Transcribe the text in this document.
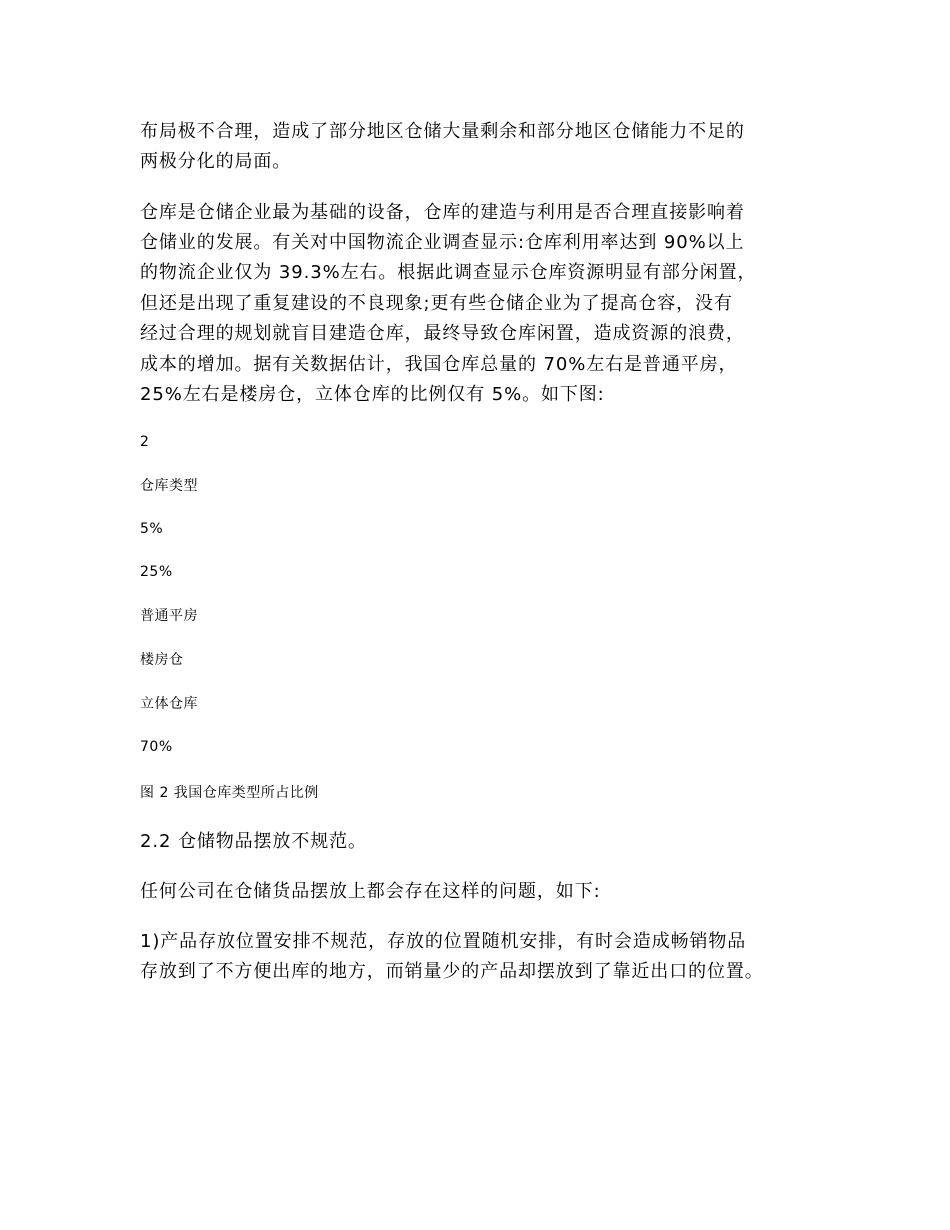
布局极不合理，造成了部分地区仓储大量剩余和部分地区仓储能力不足的
两极分化的局面。
仓库是仓储企业最为基础的设备，仓库的建造与利用是否合理直接影响着
仓储业的发展。有关对中国物流企业调查显示:仓库利用率达到 90%以上
的物流企业仅为 39.3%左右。根据此调查显示仓库资源明显有部分闲置，
但还是出现了重复建设的不良现象;更有些仓储企业为了提高仓容，没有
经过合理的规划就盲目建造仓库，最终导致仓库闲置，造成资源的浪费，
成本的增加。据有关数据估计，我国仓库总量的 70%左右是普通平房，
25%左右是楼房仓，立体仓库的比例仅有 5%。如下图:
2
仓库类型
5%
25%
普通平房
楼房仓
立体仓库
70%
图 2 我国仓库类型所占比例
2.2 仓储物品摆放不规范。
任何公司在仓储货品摆放上都会存在这样的问题，如下:
1)产品存放位置安排不规范，存放的位置随机安排，有时会造成畅销物品
存放到了不方便出库的地方，而销量少的产品却摆放到了靠近出口的位置。
